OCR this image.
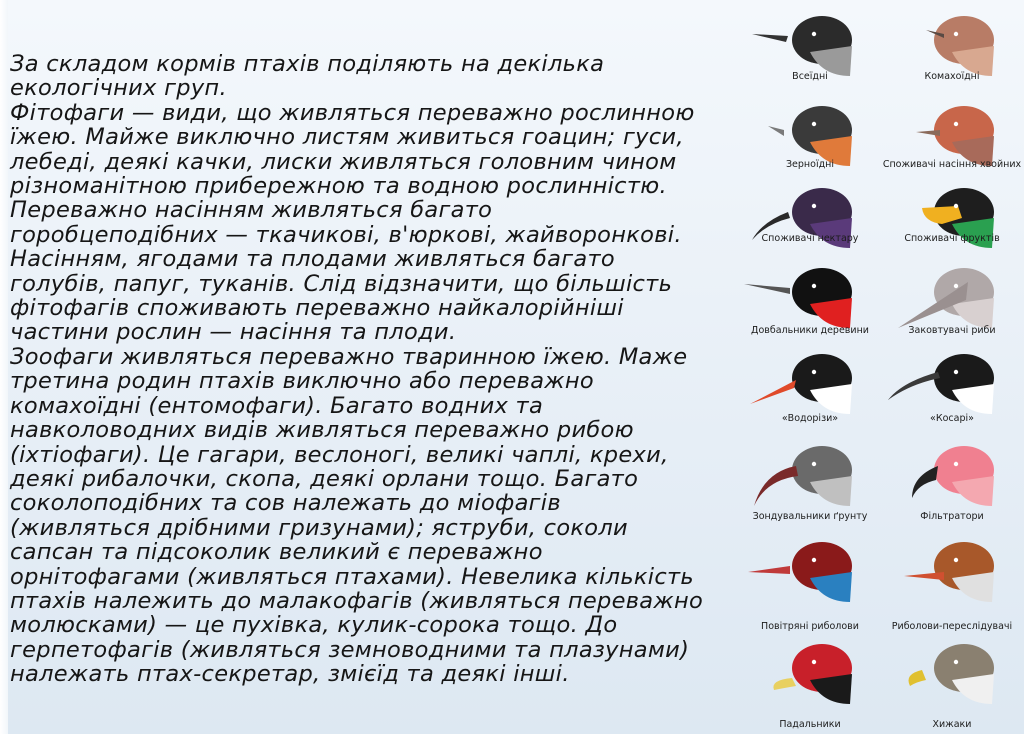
За складом кормів птахів поділяють на декілька
екологічних груп.
Фітофаги — види, що живляться переважно рослинною
їжею. Майже виключно листям живиться гоацин; гуси,
лебеді, деякі качки, лиски живляться головним чином
різноманітною прибережною та водною рослинністю.
Переважно насінням живляться багато
горобцеподібних — ткачикові, в'юркові, жайворонкові.
Насінням, ягодами та плодами живляться багато
голубів, папуг, туканів. Слід відзначити, що більшість
фітофагів споживають переважно найкалорійніші
частини рослин — насіння та плоди.
Зоофаги живляться переважно тваринною їжею. Маже
третина родин птахів виключно або переважно
комахоїдні (ентомофаги). Багато водних та
навколоводних видів живляться переважно рибою
(іхтіофаги). Це гагари, веслоногі, великі чаплі, крехи,
деякі рибалочки, скопа, деякі орлани тощо. Багато
соколоподібних та сов належать до міофагів
(живляться дрібними гризунами); яструби, соколи
сапсан та підсоколик великий є переважно
орнітофагами (живляться птахами). Невелика кількість
птахів належить до малакофагів (живляться переважно
молюсками) — це пухівка, кулик-сорока тощо. До
герпетофагів (живляться земноводними та плазунами)
належать птах-секретар, змієїд та деякі інші.
Всеїдні	Комахоїдні
Зерноїдні	Споживачі насіння хвойних
Споживачі нектару	Споживачі фруктів
Довбальники деревини	Заковтувачі риби
«Водорізи»	«Косарі»
Зондувальники ґрунту	Фільтратори
Повітряні риболови	Риболови-переслідувачі
Падальники	Хижаки
